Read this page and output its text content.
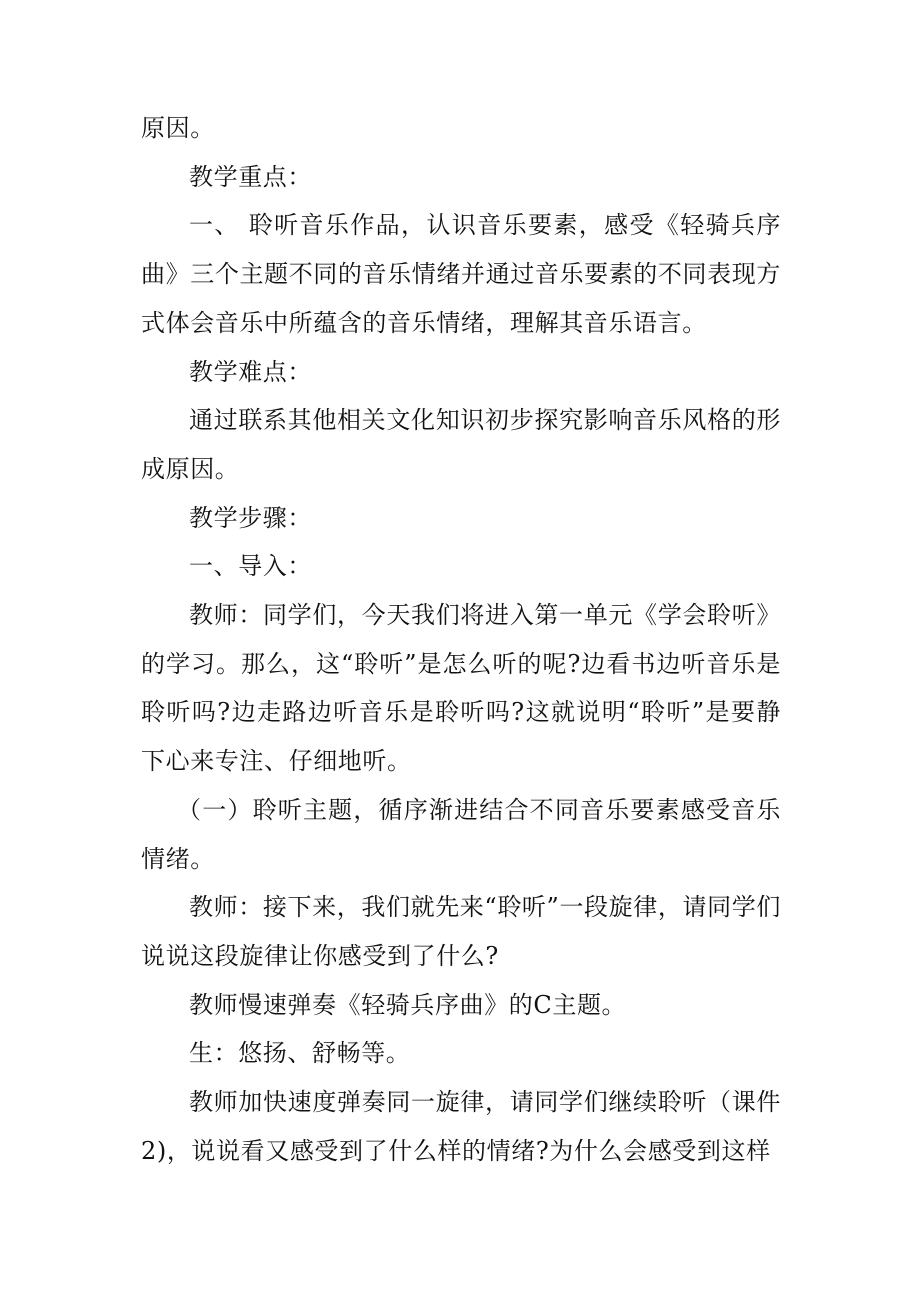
原因。

教学重点：

一、 聆听音乐作品，认识音乐要素，感受《轻骑兵序曲》三个主题不同的音乐情绪并通过音乐要素的不同表现方式体会音乐中所蕴含的音乐情绪，理解其音乐语言。

教学难点：

通过联系其他相关文化知识初步探究影响音乐风格的形成原因。

教学步骤：

一、导入：

教师：同学们，今天我们将进入第一单元《学会聆听》的学习。那么，这“聆听”是怎么听的呢?边看书边听音乐是聆听吗?边走路边听音乐是聆听吗?这就说明“聆听”是要静下心来专注、仔细地听。

（一）聆听主题，循序渐进结合不同音乐要素感受音乐情绪。

教师：接下来，我们就先来“聆听”一段旋律，请同学们说说这段旋律让你感受到了什么?

教师慢速弹奏《轻骑兵序曲》的C主题。

生：悠扬、舒畅等。

教师加快速度弹奏同一旋律，请同学们继续聆听（课件2)，说说看又感受到了什么样的情绪?为什么会感受到这样
